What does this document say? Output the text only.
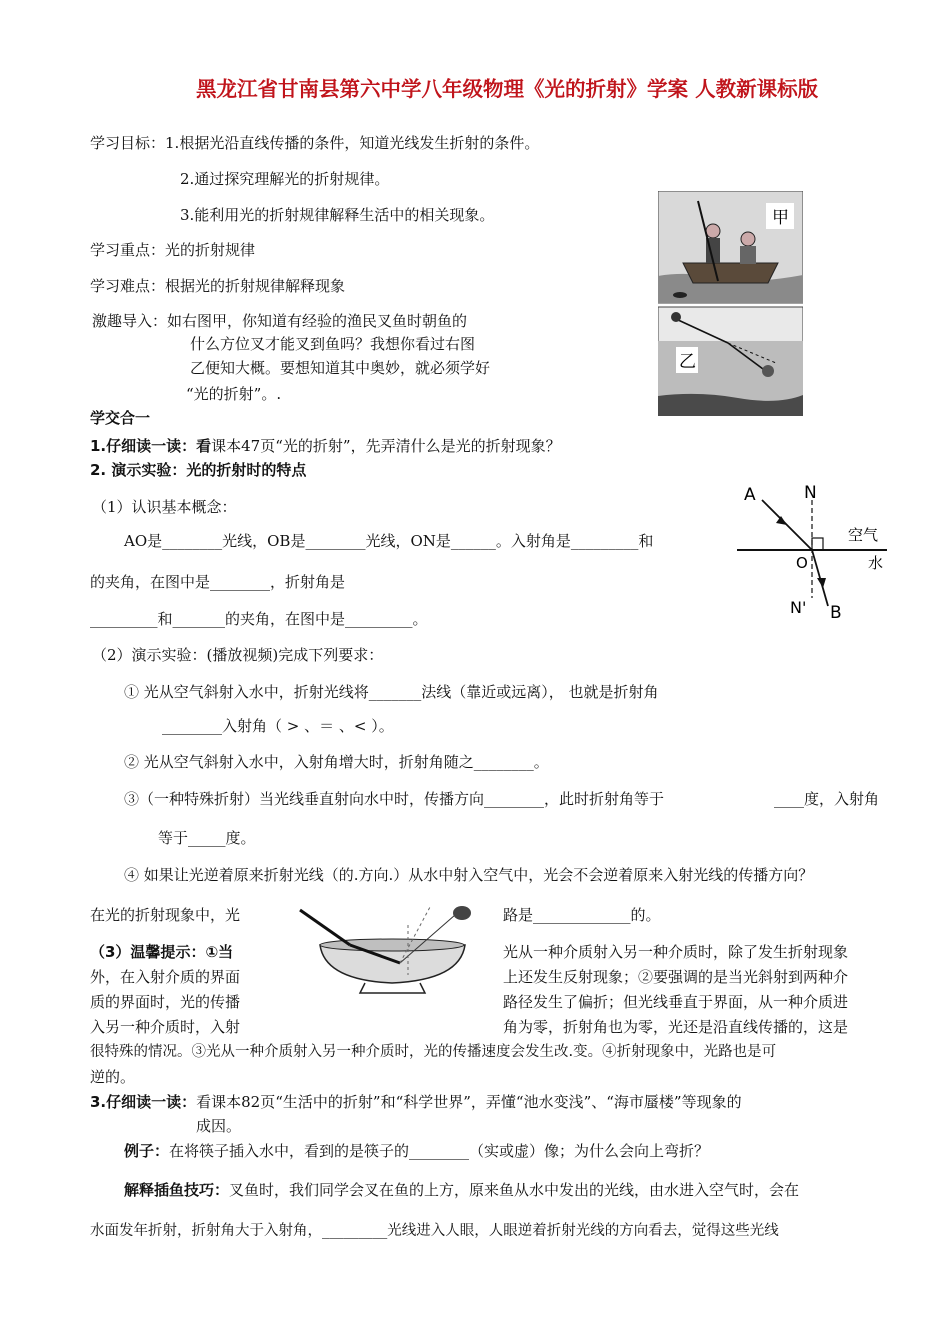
黑龙江省甘南县第六中学八年级物理《光的折射》学案 人教新课标版
学习目标：1.根据光沿直线传播的条件，知道光线发生折射的条件。
2.通过探究理解光的折射规律。
3.能利用光的折射规律解释生活中的相关现象。
学习重点：光的折射规律
学习难点：根据光的折射规律解释现象
激趣导入：如右图甲，你知道有经验的渔民叉鱼时朝鱼的
什么方位叉才能叉到鱼吗？我想你看过右图
乙便知大概。要想知道其中奥妙，就必须学好
“光的折射”。.
甲
乙
学交合一
1.仔细读一读：看课本47页“光的折射”，先弄清什么是光的折射现象？
2. 演示实验：光的折射时的特点
（1）认识基本概念：
AO是________光线，OB是________光线，ON是______。入射角是_________和
的夹角，在图中是________，折射角是
_________和_______的夹角，在图中是_________。
A	N
O
N' B
空气
水
（2）演示实验：(播放视频)完成下列要求：
① 光从空气斜射入水中，折射光线将_______法线（靠近或远离）， 也就是折射角
________入射角（ > 、＝ 、< ）。
② 光从空气斜射入水中，入射角增大时，折射角随之________。
③（一种特殊折射）当光线垂直射向水中时，传播方向________，此时折射角等于	____度，入射角
等于_____度。
④ 如果让光逆着原来折射光线（的.方向.）从水中射入空气中，光会不会逆着原来入射光线的传播方向？
在光的折射现象中，光	路是_____________的。
（3）温馨提示：①当	光从一种介质射入另一种介质时，除了发生折射现象
外，在入射介质的界面	上还发生反射现象；②要强调的是当光斜射到两种介
质的界面时，光的传播	路径发生了偏折；但光线垂直于界面，从一种介质进
入另一种介质时，入射	角为零，折射角也为零，光还是沿直线传播的，这是
很特殊的情况。③光从一种介质射入另一种介质时，光的传播速度会发生改.变。④折射现象中，光路也是可
逆的。
3.仔细读一读：看课本82页“生活中的折射”和“科学世界”，弄懂“池水变浅”、“海市蜃楼”等现象的
成因。
例子：在将筷子插入水中，看到的是筷子的________（实或虚）像；为什么会向上弯折？
解释插鱼技巧：叉鱼时，我们同学会叉在鱼的上方，原来鱼从水中发出的光线，由水进入空气时，会在
水面发年折射，折射角大于入射角，_________光线进入人眼，人眼逆着折射光线的方向看去，觉得这些光线
